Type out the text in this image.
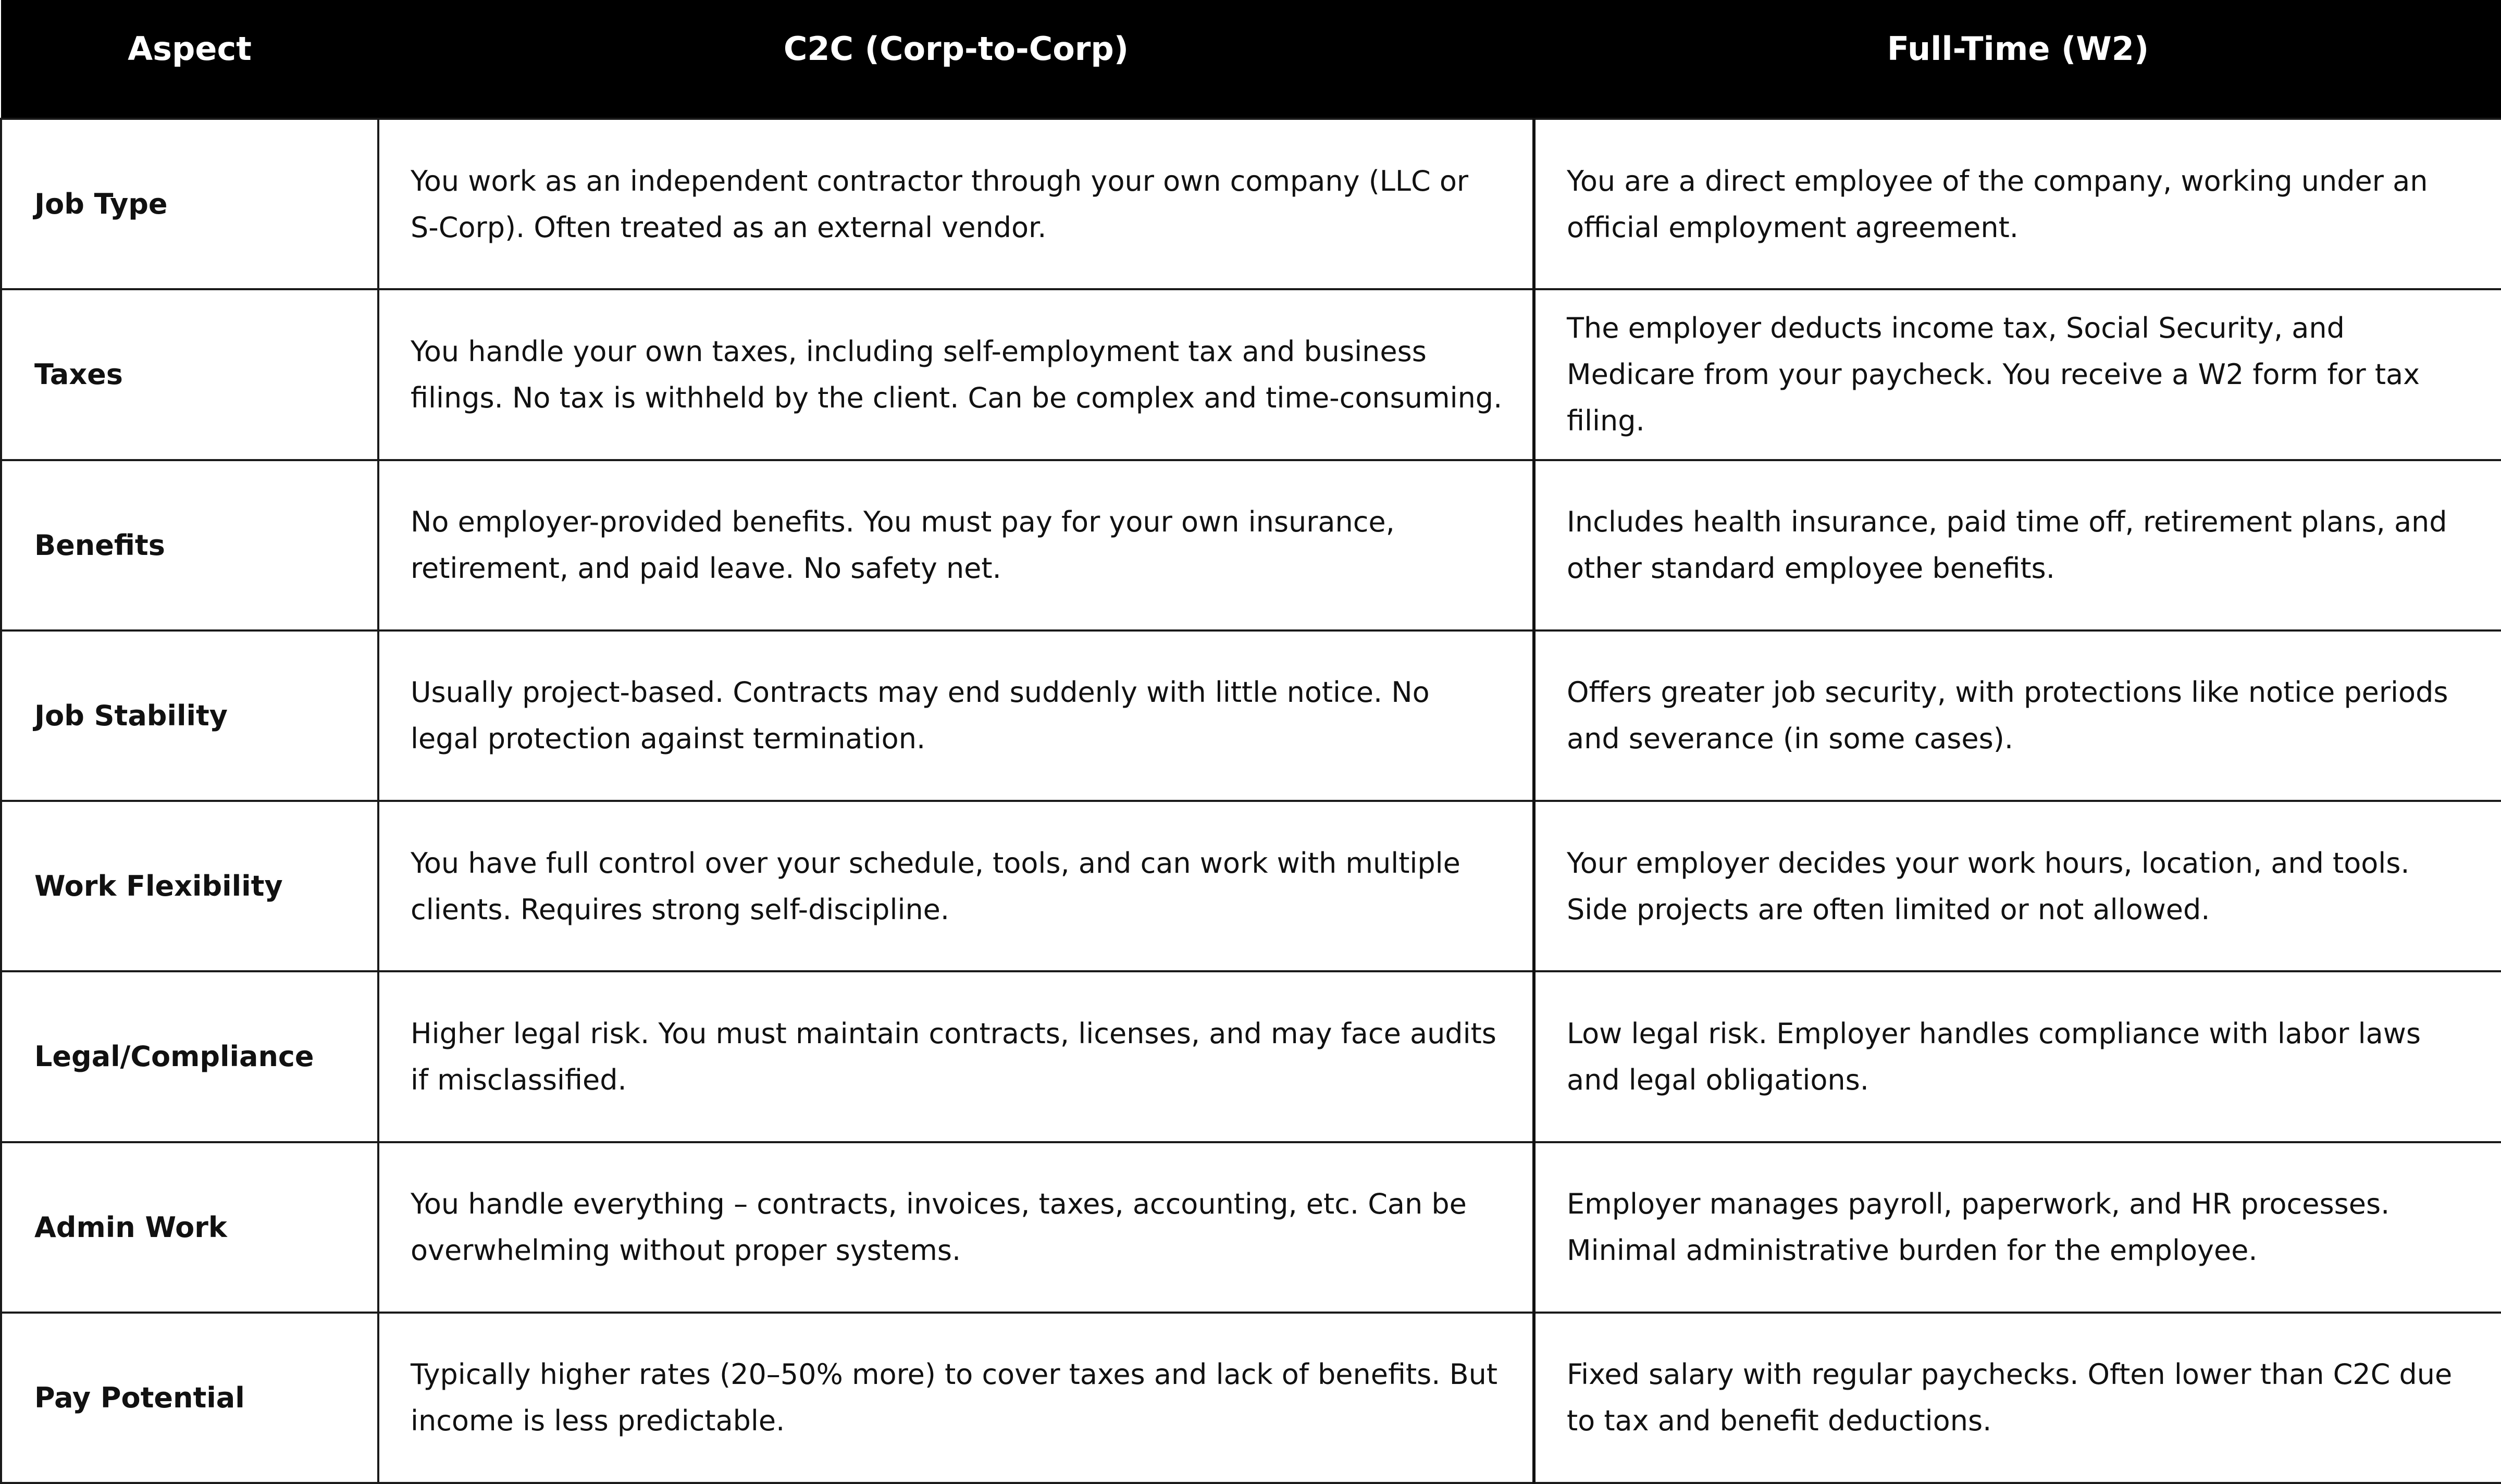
Aspect	C2C (Corp-to-Corp)	Full-Time (W2)
Job Type	You work as an independent contractor through your own company (LLC or S-Corp). Often treated as an external vendor.	You are a direct employee of the company, working under an official employment agreement.
Taxes	You handle your own taxes, including self-employment tax and business filings. No tax is withheld by the client. Can be complex and time-consuming.	The employer deducts income tax, Social Security, and Medicare from your paycheck. You receive a W2 form for tax filing.
Benefits	No employer-provided benefits. You must pay for your own insurance, retirement, and paid leave. No safety net.	Includes health insurance, paid time off, retirement plans, and other standard employee benefits.
Job Stability	Usually project-based. Contracts may end suddenly with little notice. No legal protection against termination.	Offers greater job security, with protections like notice periods and severance (in some cases).
Work Flexibility	You have full control over your schedule, tools, and can work with multiple clients. Requires strong self-discipline.	Your employer decides your work hours, location, and tools. Side projects are often limited or not allowed.
Legal/Compliance	Higher legal risk. You must maintain contracts, licenses, and may face audits if misclassified.	Low legal risk. Employer handles compliance with labor laws and legal obligations.
Admin Work	You handle everything – contracts, invoices, taxes, accounting, etc. Can be overwhelming without proper systems.	Employer manages payroll, paperwork, and HR processes. Minimal administrative burden for the employee.
Pay Potential	Typically higher rates (20–50% more) to cover taxes and lack of benefits. But income is less predictable.	Fixed salary with regular paychecks. Often lower than C2C due to tax and benefit deductions.
